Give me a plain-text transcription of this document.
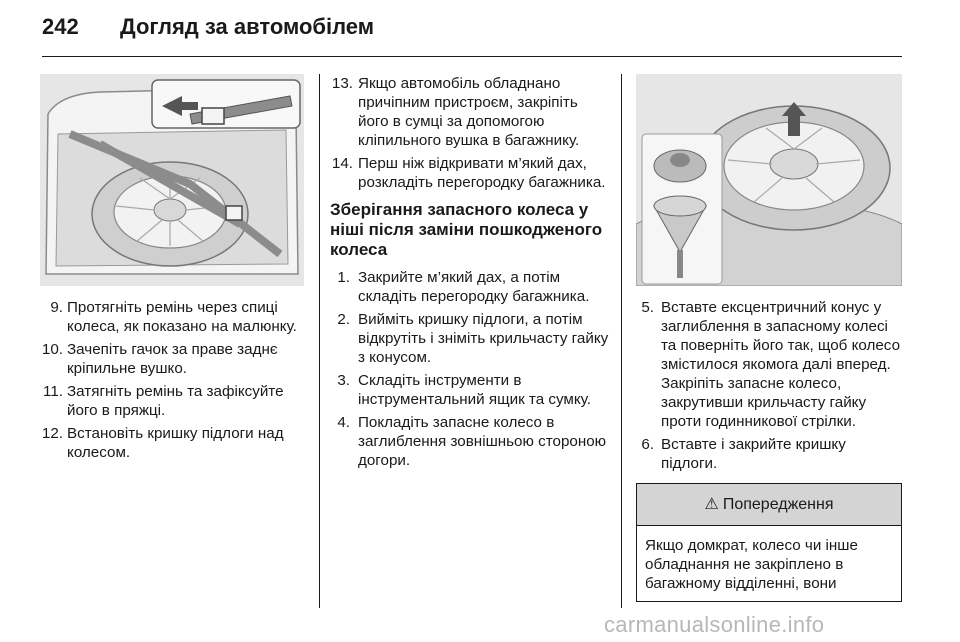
242	Догляд за автомобілем
9. Протягніть ремінь через спиці колеса, як показано на малюнку.
10. Зачепіть гачок за праве заднє кріпильне вушко.
11. Затягніть ремінь та зафіксуйте його в пряжці.
12. Встановіть кришку підлоги над колесом.
13. Якщо автомобіль обладнано причіпним пристроєм, закріпіть його в сумці за допомогою кліпильного вушка в багажнику.
14. Перш ніж відкривати м’який дах, розкладіть перегородку багажника.
Зберігання запасного колеса у ніші після заміни пошкодженого колеса
1. Закрийте м’який дах, а потім складіть перегородку багажника.
2. Вийміть кришку підлоги, а потім відкрутіть і зніміть крильчасту гайку з конусом.
3. Складіть інструменти в інструментальний ящик та сумку.
4. Покладіть запасне колесо в заглиблення зовнішньою стороною догори.
5. Вставте ексцентричний конус у заглиблення в запасному колесі та поверніть його так, щоб колесо змістилося якомога далі вперед. Закріпіть запасне колесо, закрутивши крильчасту гайку проти годинникової стрілки.
6. Вставте і закрийте кришку підлоги.
⚠ Попередження
Якщо домкрат, колесо чи інше обладнання не закріплено в багажному відділенні, вони
carmanualsonline.info
